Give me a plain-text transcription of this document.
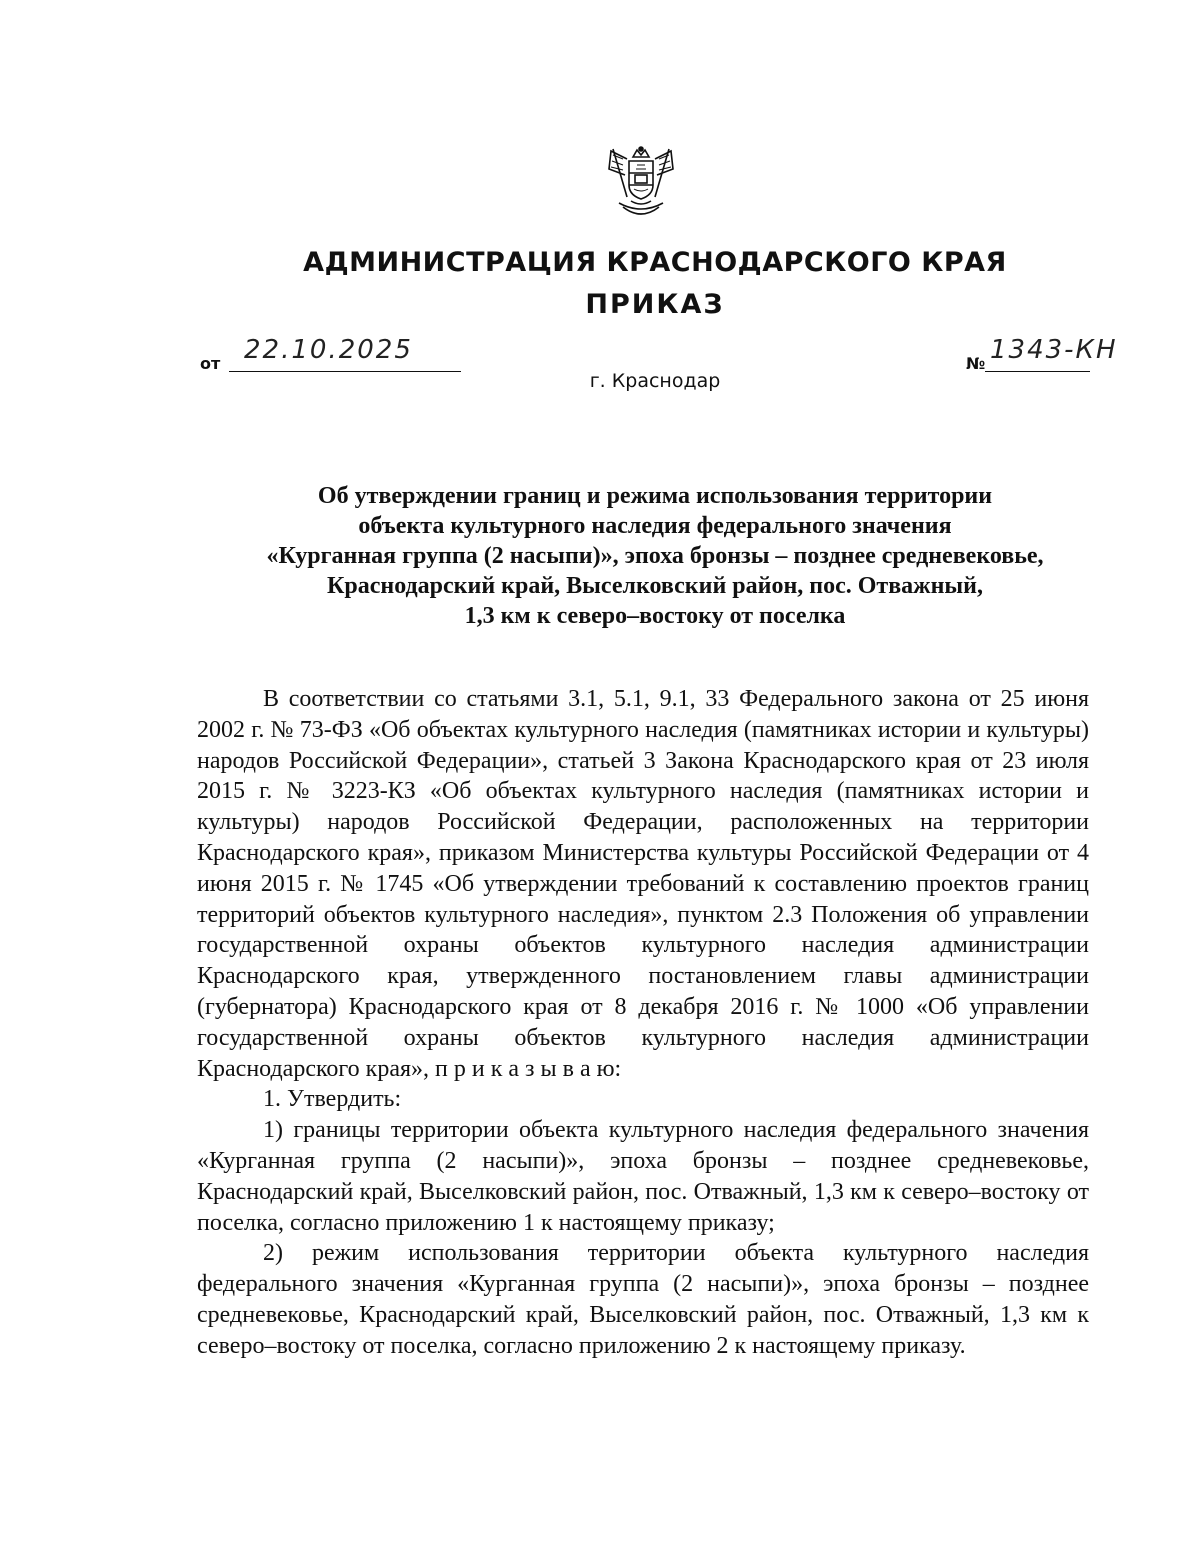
АДМИНИСТРАЦИЯ КРАСНОДАРСКОГО КРАЯ
ПРИКАЗ
от 22.10.2025	№ 1343-КН
г. Краснодар
Об утверждении границ и режима использования территории
объекта культурного наследия федерального значения
«Курганная группа (2 насыпи)», эпоха бронзы – позднее средневековье,
Краснодарский край, Выселковский район, пос. Отважный,
1,3 км к северо–востоку от поселка

В соответствии со статьями 3.1, 5.1, 9.1, 33 Федерального закона от 25 июня 2002 г. № 73-ФЗ «Об объектах культурного наследия (памятниках истории и культуры) народов Российской Федерации», статьей 3 Закона Краснодарского края от 23 июля 2015 г. № 3223-КЗ «Об объектах культурного наследия (памятниках истории и культуры) народов Российской Федерации, расположенных на территории Краснодарского края», приказом Министерства культуры Российской Федерации от 4 июня 2015 г. № 1745 «Об утверждении требований к составлению проектов границ территорий объектов культурного наследия», пунктом 2.3 Положения об управлении государственной охраны объектов культурного наследия администрации Краснодарского края, утвержденного постановлением главы администрации (губернатора) Краснодарского края от 8 декабря 2016 г. № 1000 «Об управлении государственной охраны объектов культурного наследия администрации Краснодарского края», п р и к а з ы в а ю:

1. Утвердить:

1) границы территории объекта культурного наследия федерального значения «Курганная группа (2 насыпи)», эпоха бронзы – позднее средневековье, Краснодарский край, Выселковский район, пос. Отважный, 1,3 км к северо–востоку от поселка, согласно приложению 1 к настоящему приказу;

2) режим использования территории объекта культурного наследия федерального значения «Курганная группа (2 насыпи)», эпоха бронзы – позднее средневековье, Краснодарский край, Выселковский район, пос. Отважный, 1,3 км к северо–востоку от поселка, согласно приложению 2 к настоящему приказу.
